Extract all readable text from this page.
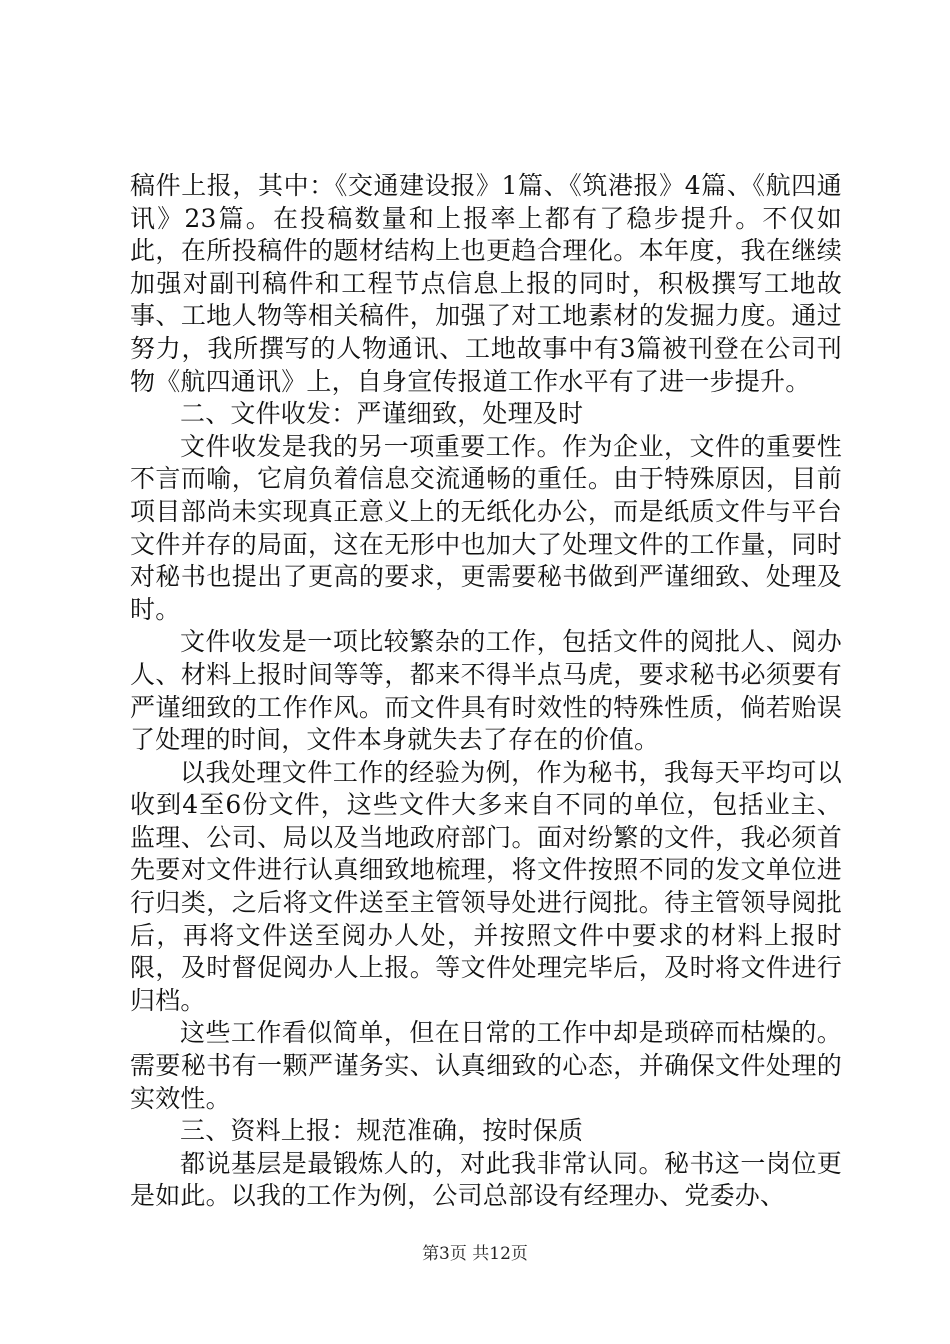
稿件上报，其中：《交通建设报》1篇、《筑港报》4篇、《航四通讯》23篇。在投稿数量和上报率上都有了稳步提升。不仅如此，在所投稿件的题材结构上也更趋合理化。本年度，我在继续加强对副刊稿件和工程节点信息上报的同时，积极撰写工地故事、工地人物等相关稿件，加强了对工地素材的发掘力度。通过努力，我所撰写的人物通讯、工地故事中有3篇被刊登在公司刊物《航四通讯》上，自身宣传报道工作水平有了进一步提升。

二、文件收发：严谨细致，处理及时

文件收发是我的另一项重要工作。作为企业，文件的重要性不言而喻，它肩负着信息交流通畅的重任。由于特殊原因，目前项目部尚未实现真正意义上的无纸化办公，而是纸质文件与平台文件并存的局面，这在无形中也加大了处理文件的工作量，同时对秘书也提出了更高的要求，更需要秘书做到严谨细致、处理及时。

文件收发是一项比较繁杂的工作，包括文件的阅批人、阅办人、材料上报时间等等，都来不得半点马虎，要求秘书必须要有严谨细致的工作作风。而文件具有时效性的特殊性质，倘若贻误了处理的时间，文件本身就失去了存在的价值。

以我处理文件工作的经验为例，作为秘书，我每天平均可以收到4至6份文件，这些文件大多来自不同的单位，包括业主、监理、公司、局以及当地政府部门。面对纷繁的文件，我必须首先要对文件进行认真细致地梳理，将文件按照不同的发文单位进行归类，之后将文件送至主管领导处进行阅批。待主管领导阅批后，再将文件送至阅办人处，并按照文件中要求的材料上报时限，及时督促阅办人上报。等文件处理完毕后，及时将文件进行归档。

这些工作看似简单，但在日常的工作中却是琐碎而枯燥的。需要秘书有一颗严谨务实、认真细致的心态，并确保文件处理的实效性。

三、资料上报：规范准确，按时保质

都说基层是最锻炼人的，对此我非常认同。秘书这一岗位更是如此。以我的工作为例，公司总部设有经理办、党委办、

第3页 共12页
